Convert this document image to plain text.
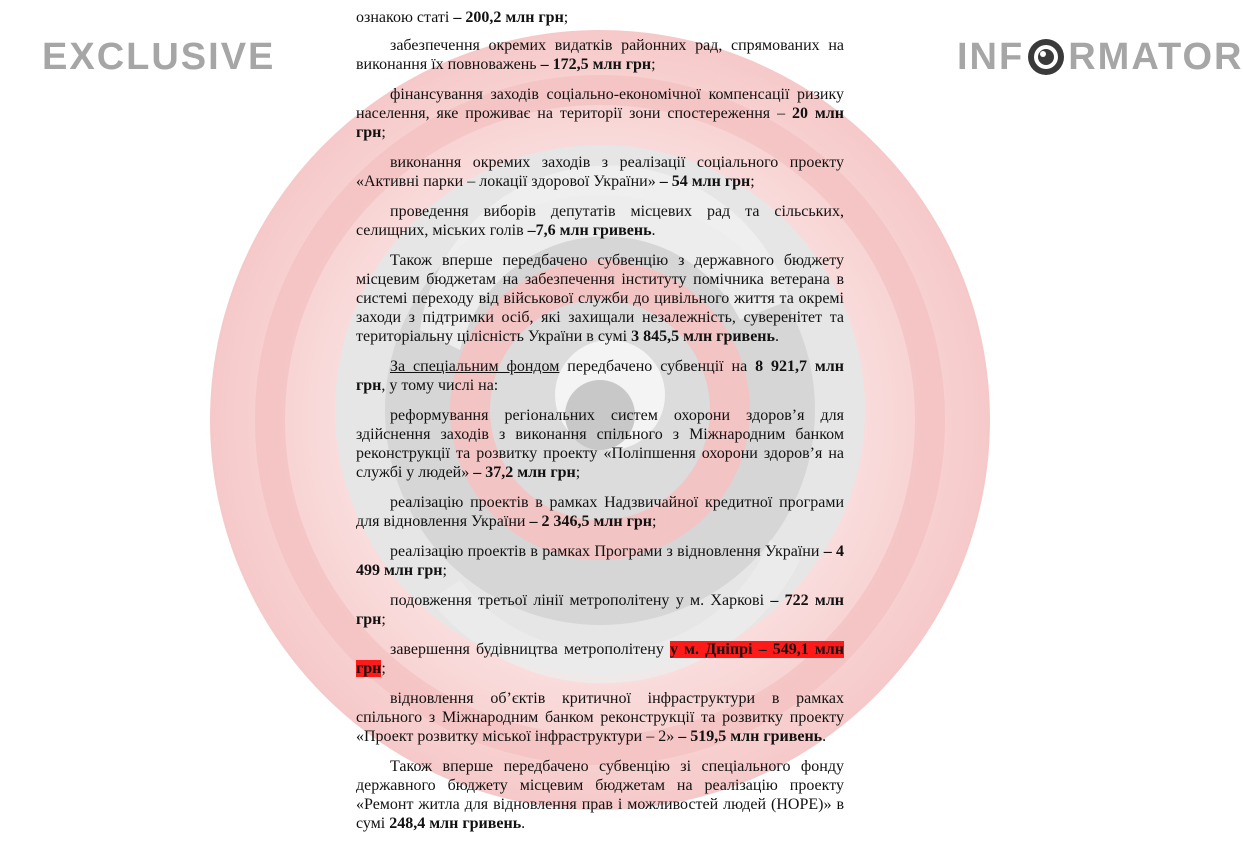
EXCLUSIVE	INF RMATOR

ознакою статі – 200,2 млн грн;

забезпечення окремих видатків районних рад, спрямованих на виконання їх повноважень – 172,5 млн грн;

фінансування заходів соціально-економічної компенсації ризику населення, яке проживає на території зони спостереження – 20 млн грн;

виконання окремих заходів з реалізації соціального проекту «Активні парки – локації здорової України» – 54 млн грн;

проведення виборів депутатів місцевих рад та сільських, селищних, міських голів –7,6 млн гривень.

Також вперше передбачено субвенцію з державного бюджету місцевим бюджетам на забезпечення інституту помічника ветерана в системі переходу від військової служби до цивільного життя та окремі заходи з підтримки осіб, які захищали незалежність, суверенітет та територіальну цілісність України в сумі 3 845,5 млн гривень.

За спеціальним фондом передбачено субвенції на 8 921,7 млн грн, у тому числі на:

реформування регіональних систем охорони здоров’я для здійснення заходів з виконання спільного з Міжнародним банком реконструкції та розвитку проекту «Поліпшення охорони здоров’я на службі у людей» – 37,2 млн грн;

реалізацію проектів в рамках Надзвичайної кредитної програми для відновлення України – 2 346,5 млн грн;

реалізацію проектів в рамках Програми з відновлення України – 4 499 млн грн;

подовження третьої лінії метрополітену у м. Харкові – 722 млн грн;

завершення будівництва метрополітену у м. Дніпрі – 549,1 млн грн;

відновлення об’єктів критичної інфраструктури в рамках спільного з Міжнародним банком реконструкції та розвитку проекту «Проект розвитку міської інфраструктури – 2» – 519,5 млн гривень.

Також вперше передбачено субвенцію зі спеціального фонду державного бюджету місцевим бюджетам на реалізацію проекту «Ремонт житла для відновлення прав і можливостей людей (HOPE)» в сумі 248,4 млн гривень.
